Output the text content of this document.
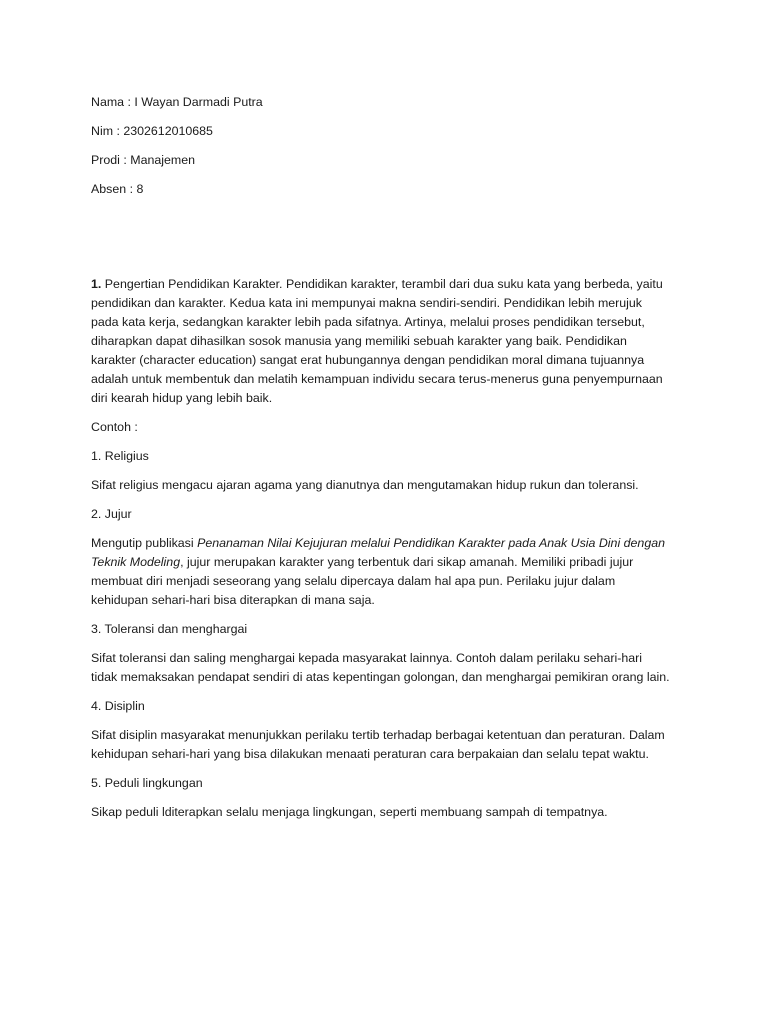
Nama : I Wayan Darmadi Putra

Nim : 2302612010685

Prodi : Manajemen

Absen : 8

1. Pengertian Pendidikan Karakter. Pendidikan karakter, terambil dari dua suku kata yang berbeda, yaitu pendidikan dan karakter. Kedua kata ini mempunyai makna sendiri-sendiri. Pendidikan lebih merujuk pada kata kerja, sedangkan karakter lebih pada sifatnya. Artinya, melalui proses pendidikan tersebut, diharapkan dapat dihasilkan sosok manusia yang memiliki sebuah karakter yang baik. Pendidikan karakter (character education) sangat erat hubungannya dengan pendidikan moral dimana tujuannya adalah untuk membentuk dan melatih kemampuan individu secara terus-menerus guna penyempurnaan diri kearah hidup yang lebih baik.

Contoh :

1. Religius

Sifat religius mengacu ajaran agama yang dianutnya dan mengutamakan hidup rukun dan toleransi.

2. Jujur

Mengutip publikasi Penanaman Nilai Kejujuran melalui Pendidikan Karakter pada Anak Usia Dini dengan Teknik Modeling, jujur merupakan karakter yang terbentuk dari sikap amanah. Memiliki pribadi jujur membuat diri menjadi seseorang yang selalu dipercaya dalam hal apa pun. Perilaku jujur dalam kehidupan sehari-hari bisa diterapkan di mana saja.

3. Toleransi dan menghargai

Sifat toleransi dan saling menghargai kepada masyarakat lainnya. Contoh dalam perilaku sehari-hari tidak memaksakan pendapat sendiri di atas kepentingan golongan, dan menghargai pemikiran orang lain.

4. Disiplin

Sifat disiplin masyarakat menunjukkan perilaku tertib terhadap berbagai ketentuan dan peraturan. Dalam kehidupan sehari-hari yang bisa dilakukan menaati peraturan cara berpakaian dan selalu tepat waktu.

5. Peduli lingkungan

Sikap peduli lditerapkan selalu menjaga lingkungan, seperti membuang sampah di tempatnya.
